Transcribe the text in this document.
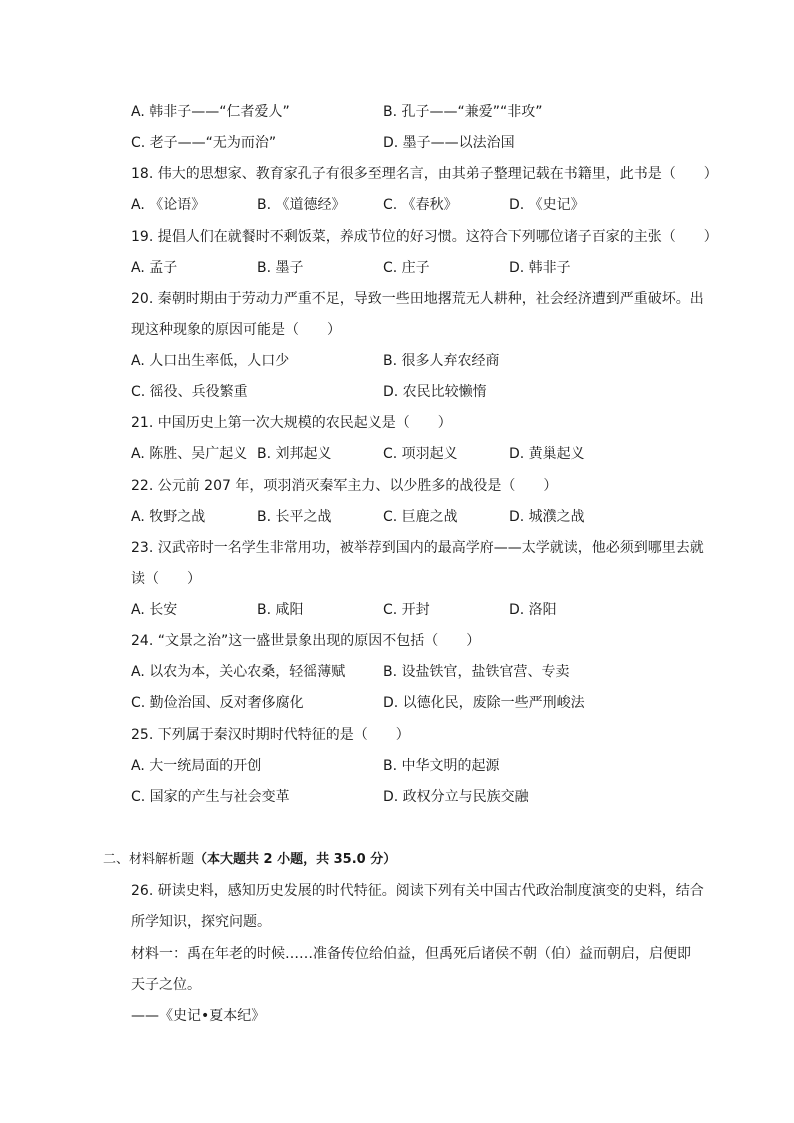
A. 韩非子——“仁者爱人”	B. 孔子——“兼爱”“非攻”
C. 老子——“无为而治”	D. 墨子——以法治国
18. 伟大的思想家、教育家孔子有很多至理名言，由其弟子整理记载在书籍里，此书是（　　）
A. 《论语》	B. 《道德经》	C. 《春秋》	D. 《史记》
19. 提倡人们在就餐时不剩饭菜，养成节位的好习惯。这符合下列哪位诸子百家的主张（　　）
A. 孟子	B. 墨子	C. 庄子	D. 韩非子
20. 秦朝时期由于劳动力严重不足，导致一些田地撂荒无人耕种，社会经济遭到严重破坏。出
现这种现象的原因可能是（　　）
A. 人口出生率低，人口少	B. 很多人弃农经商
C. 徭役、兵役繁重	D. 农民比较懒惰
21. 中国历史上第一次大规模的农民起义是（　　）
A. 陈胜、吴广起义 B. 刘邦起义	C. 项羽起义	D. 黄巢起义
22. 公元前 207 年，项羽消灭秦军主力、以少胜多的战役是（　　）
A. 牧野之战	B. 长平之战	C. 巨鹿之战	D. 城濮之战
23. 汉武帝时一名学生非常用功，被举荐到国内的最高学府——太学就读，他必须到哪里去就
读（　　）
A. 长安	B. 咸阳	C. 开封	D. 洛阳
24. “文景之治”这一盛世景象出现的原因不包括（　　）
A. 以农为本，关心农桑，轻徭薄赋	B. 设盐铁官，盐铁官营、专卖
C. 勤俭治国、反对奢侈腐化	D. 以德化民，废除一些严刑峻法
25. 下列属于秦汉时期时代特征的是（　　）
A. 大一统局面的开创	B. 中华文明的起源
C. 国家的产生与社会变革	D. 政权分立与民族交融
二、材料解析题（本大题共 2 小题，共 35.0 分）
26. 研读史料，感知历史发展的时代特征。阅读下列有关中国古代政治制度演变的史料，结合
所学知识，探究问题。
材料一：禹在年老的时候……准备传位给伯益，但禹死后诸侯不朝（伯）益而朝启，启便即
天子之位。
——《史记•夏本纪》
